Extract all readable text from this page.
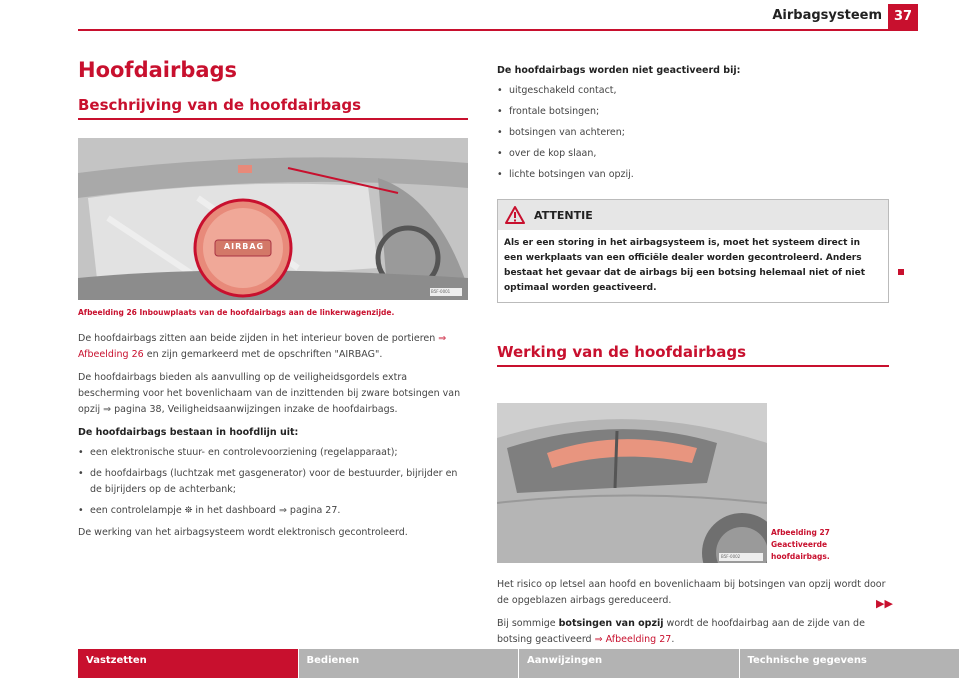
Airbagsysteem 37
Hoofdairbags
Beschrijving van de hoofdairbags
AIRBAG
B5F-0001
Afbeelding 26 Inbouwplaats van de hoofdairbags aan de linkerwagenzijde.

De hoofdairbags zitten aan beide zijden in het interieur boven de portieren ⇒ Afbeelding 26 en zijn gemarkeerd met de opschriften "AIRBAG".

De hoofdairbags bieden als aanvulling op de veiligheidsgordels extra bescherming voor het bovenlichaam van de inzittenden bij zware botsingen van opzij ⇒ pagina 38, Veiligheidsaanwijzingen inzake de hoofdairbags.

De hoofdairbags bestaan in hoofdlijn uit:

• een elektronische stuur- en controlevoorziening (regelapparaat);
• de hoofdairbags (luchtzak met gasgenerator) voor de bestuurder, bijrijder en de bijrijders op de achterbank;
• een controlelampje ⛯ in het dashboard ⇒ pagina 27.

De werking van het airbagsysteem wordt elektronisch gecontroleerd.

De hoofdairbags worden niet geactiveerd bij:

• uitgeschakeld contact,
• frontale botsingen;
• botsingen van achteren;
• over de kop slaan,
• lichte botsingen van opzij.
ATTENTIE
Als er een storing in het airbagsysteem is, moet het systeem direct in een werkplaats van een officiële dealer worden gecontroleerd. Anders bestaat het gevaar dat de airbags bij een botsing helemaal niet of niet optimaal worden geactiveerd.
Werking van de hoofdairbags
B5F-0002
Afbeelding 27 Geactiveerde hoofdairbags.

Het risico op letsel aan hoofd en bovenlichaam bij botsingen van opzij wordt door de opgeblazen airbags gereduceerd.

Bij sommige botsingen van opzij wordt de hoofdairbag aan de zijde van de botsing geactiveerd ⇒ Afbeelding 27.

▶▶
Vastzetten	Bedienen	Aanwijzingen	Technische gegevens
